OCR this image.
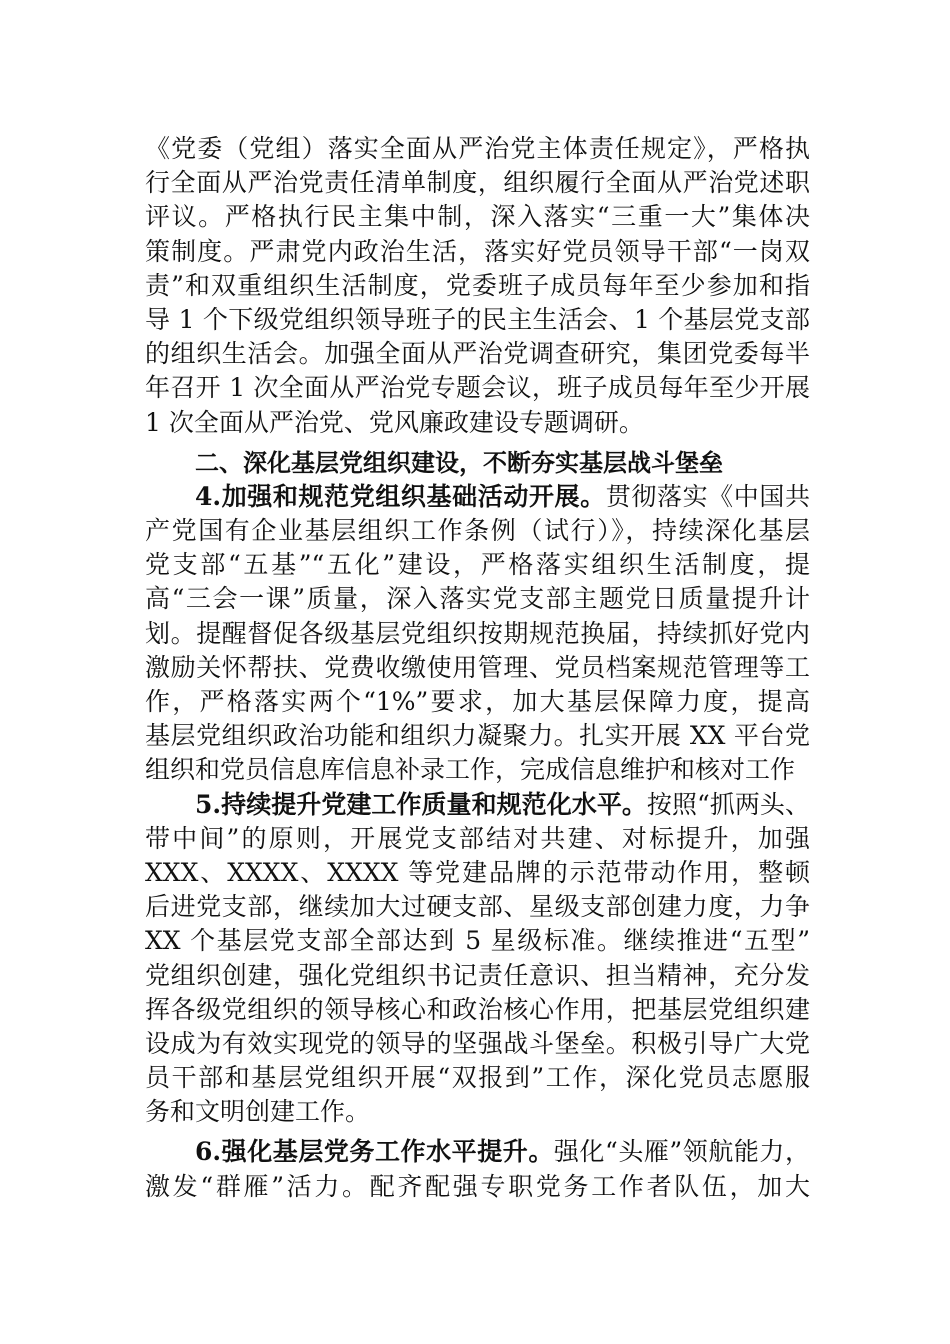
《党委（党组）落实全面从严治党主体责任规定》，严格执
行全面从严治党责任清单制度，组织履行全面从严治党述职
评议。严格执行民主集中制，深入落实“三重一大”集体决
策制度。严肃党内政治生活，落实好党员领导干部“一岗双
责”和双重组织生活制度，党委班子成员每年至少参加和指
导 1 个下级党组织领导班子的民主生活会、1 个基层党支部
的组织生活会。加强全面从严治党调查研究，集团党委每半
年召开 1 次全面从严治党专题会议，班子成员每年至少开展
1 次全面从严治党、党风廉政建设专题调研。
二、深化基层党组织建设，不断夯实基层战斗堡垒
4.加强和规范党组织基础活动开展。贯彻落实《中国共
产党国有企业基层组织工作条例（试行）》，持续深化基层
党支部“五基”“五化”建设，严格落实组织生活制度，提
高“三会一课”质量，深入落实党支部主题党日质量提升计
划。提醒督促各级基层党组织按期规范换届，持续抓好党内
激励关怀帮扶、党费收缴使用管理、党员档案规范管理等工
作，严格落实两个“1%”要求，加大基层保障力度，提高
基层党组织政治功能和组织力凝聚力。扎实开展 XX 平台党
组织和党员信息库信息补录工作，完成信息维护和核对工作
5.持续提升党建工作质量和规范化水平。按照“抓两头、
带中间”的原则，开展党支部结对共建、对标提升，加强
XXX、XXXX、XXXX 等党建品牌的示范带动作用，整顿
后进党支部，继续加大过硬支部、星级支部创建力度，力争
XX 个基层党支部全部达到 5 星级标准。继续推进“五型”
党组织创建，强化党组织书记责任意识、担当精神，充分发
挥各级党组织的领导核心和政治核心作用，把基层党组织建
设成为有效实现党的领导的坚强战斗堡垒。积极引导广大党
员干部和基层党组织开展“双报到”工作，深化党员志愿服
务和文明创建工作。
6.强化基层党务工作水平提升。强化“头雁”领航能力，
激发“群雁”活力。配齐配强专职党务工作者队伍，加大
